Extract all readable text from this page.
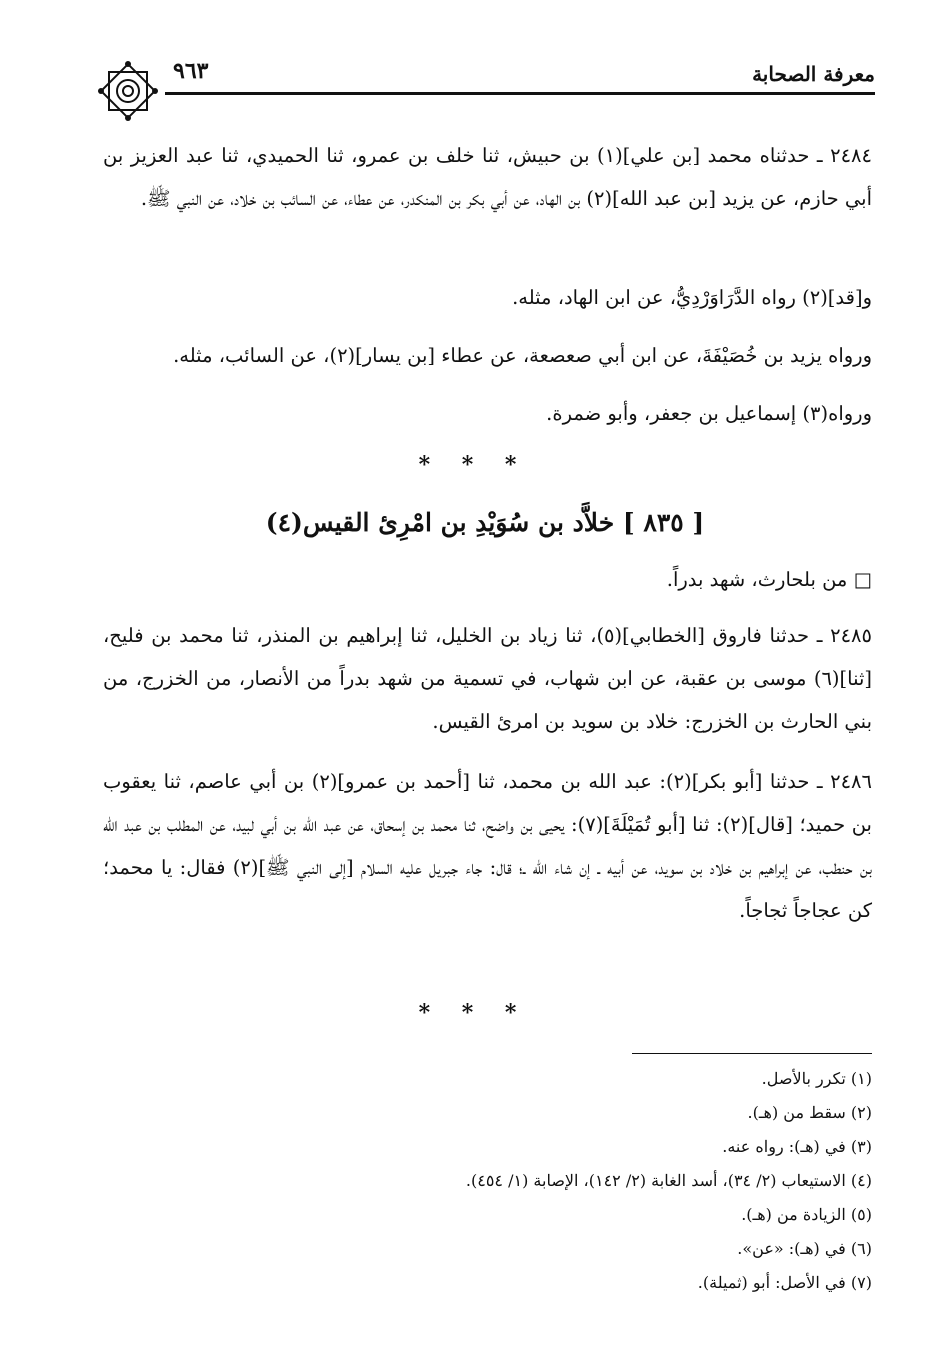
٩٦٣	معرفة الصحابة

٢٤٨٤ ـ حدثناه محمد [بن علي](١) بن حبيش، ثنا خلف بن عمرو، ثنا الحميدي، ثنا عبد العزيز بن أبي حازم، عن يزيد [بن عبد الله](٢) بن الهاد، عن أبي بكر بن المنكدر، عن عطاء، عن السائب بن خلاد، عن النبي ﷺ.

و[قد](٢) رواه الدَّرَاوَرْدِيُّ، عن ابن الهاد، مثله.

ورواه يزيد بن خُصَيْفَةَ، عن ابن أبي صعصعة، عن عطاء [بن يسار](٢)، عن السائب، مثله.

ورواه(٣) إسماعيل بن جعفر، وأبو ضمرة.

* * *
[ ٨٣٥ ] خلاَّد بن سُوَيْدِ بن امْرِئ القيس(٤)

□ من بلحارث، شهد بدراً.

٢٤٨٥ ـ حدثنا فاروق [الخطابي](٥)، ثنا زياد بن الخليل، ثنا إبراهيم بن المنذر، ثنا محمد بن فليح، [ثنا](٦) موسى بن عقبة، عن ابن شهاب، في تسمية من شهد بدراً من الأنصار، من الخزرج، من بني الحارث بن الخزرج: خلاد بن سويد بن امرئ القيس.

٢٤٨٦ ـ حدثنا [أبو بكر](٢): عبد الله بن محمد، ثنا [أحمد بن عمرو](٢) بن أبي عاصم، ثنا يعقوب بن حميد؛ [قال](٢): ثنا [أبو تُمَيْلَةَ](٧): يحيى بن واضح، ثنا محمد بن إسحاق، عن عبد الله بن أبي لبيد، عن المطلب بن عبد الله بن حنطب، عن إبراهيم بن خلاد بن سويد، عن أبيه ـ إن شاء الله ـ؛ قال: جاء جبريل عليه السلام [إلى النبي ﷺ](٢) فقال: يا محمد؛ كن عجاجاً ثجاجاً.

* * *

(١) تكرر بالأصل.

(٢) سقط من (هـ).

(٣) في (هـ): رواه عنه.

(٤) الاستيعاب (٢/ ٣٤)، أسد الغابة (٢/ ١٤٢)، الإصابة (١/ ٤٥٤).

(٥) الزيادة من (هـ).

(٦) في (هـ): «عن».

(٧) في الأصل: أبو (ثميلة).
